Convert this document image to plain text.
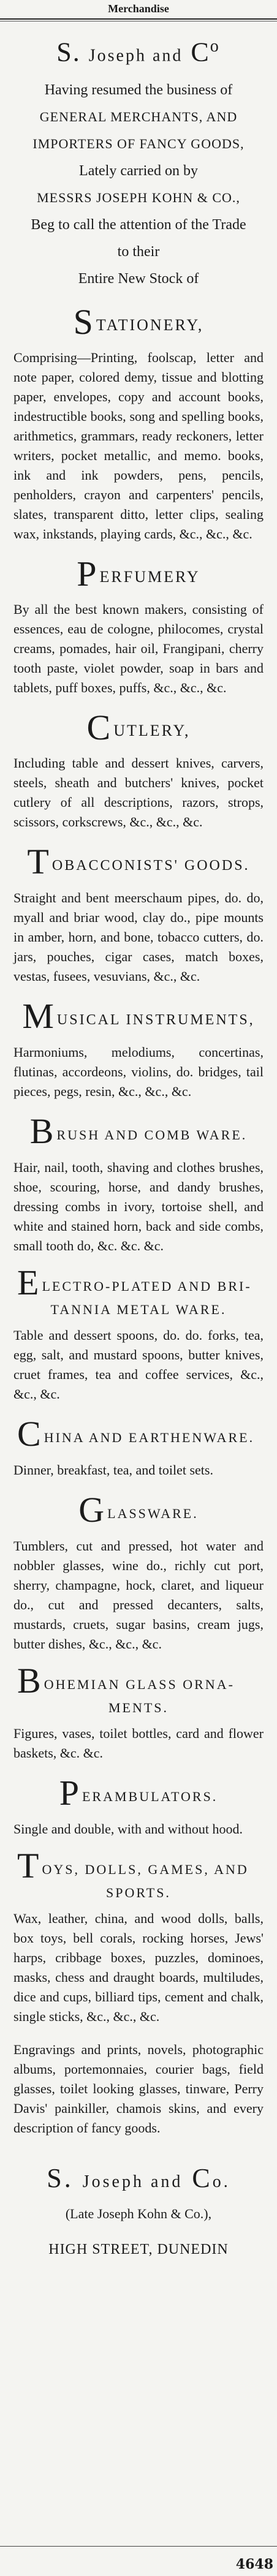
Merchandise
S. Joseph and $C^o$
Having resumed the business of
GENERAL MERCHANTS, AND
IMPORTERS OF FANCY GOODS,
Lately carried on by
MESSRS JOSEPH KOHN & CO.,
Beg to call the attention of the Trade
to their
Entire New Stock of
STATIONERY,
Comprising—Printing, foolscap, letter and note paper, colored demy, tissue and blotting paper, envelopes, copy and account books, indestructible books, song and spelling books, arithmetics, grammars, ready reckoners, letter writers, pocket metallic, and memo. books, ink and ink powders, pens, pencils, penholders, crayon and carpenters' pencils, slates, transparent ditto, letter clips, sealing wax, inkstands, playing cards, &c., &c., &c.
PERFUMERY
By all the best known makers, consisting of essences, eau de cologne, philocomes, crystal creams, pomades, hair oil, Frangipani, cherry tooth paste, violet powder, soap in bars and tablets, puff boxes, puffs, &c., &c., &c.
CUTLERY,
Including table and dessert knives, carvers, steels, sheath and butchers' knives, pocket cutlery of all descriptions, razors, strops, scissors, corkscrews, &c., &c., &c.
TOBACCONISTS' GOODS.
Straight and bent meerschaum pipes, do. do, myall and briar wood, clay do., pipe mounts in amber, horn, and bone, tobacco cutters, do. jars, pouches, cigar cases, match boxes, vestas, fusees, vesuvians, &c., &c.
MUSICAL INSTRUMENTS,
Harmoniums, melodiums, concertinas, flutinas, accordeons, violins, do. bridges, tail pieces, pegs, resin, &c., &c., &c.
BRUSH AND COMB WARE.
Hair, nail, tooth, shaving and clothes brushes, shoe, scouring, horse, and dandy brushes, dressing combs in ivory, tortoise shell, and white and stained horn, back and side combs, small tooth do, &c. &c. &c.
ELECTRO-PLATED AND BRI-
TANNIA METAL WARE.
Table and dessert spoons, do. do. forks, tea, egg, salt, and mustard spoons, butter knives, cruet frames, tea and coffee services, &c., &c., &c.
CHINA AND EARTHENWARE.
Dinner, breakfast, tea, and toilet sets.
GLASSWARE.
Tumblers, cut and pressed, hot water and nobbler glasses, wine do., richly cut port, sherry, champagne, hock, claret, and liqueur do., cut and pressed decanters, salts, mustards, cruets, sugar basins, cream jugs, butter dishes, &c., &c., &c.
BOHEMIAN GLASS ORNA-
MENTS.
Figures, vases, toilet bottles, card and flower baskets, &c. &c.
PERAMBULATORS.
Single and double, with and without hood.
TOYS, DOLLS, GAMES, AND
SPORTS.
Wax, leather, china, and wood dolls, balls, box toys, bell corals, rocking horses, Jews' harps, cribbage boxes, puzzles, dominoes, masks, chess and draught boards, multiludes, dice and cups, billiard tips, cement and chalk, single sticks, &c., &c., &c.
Engravings and prints, novels, photographic albums, portemonnaies, courier bags, field glasses, toilet looking glasses, tinware, Perry Davis' painkiller, chamois skins, and every description of fancy goods.
S. Joseph and Co.
(Late Joseph Kohn & Co.),
HIGH STREET, DUNEDIN
4648
